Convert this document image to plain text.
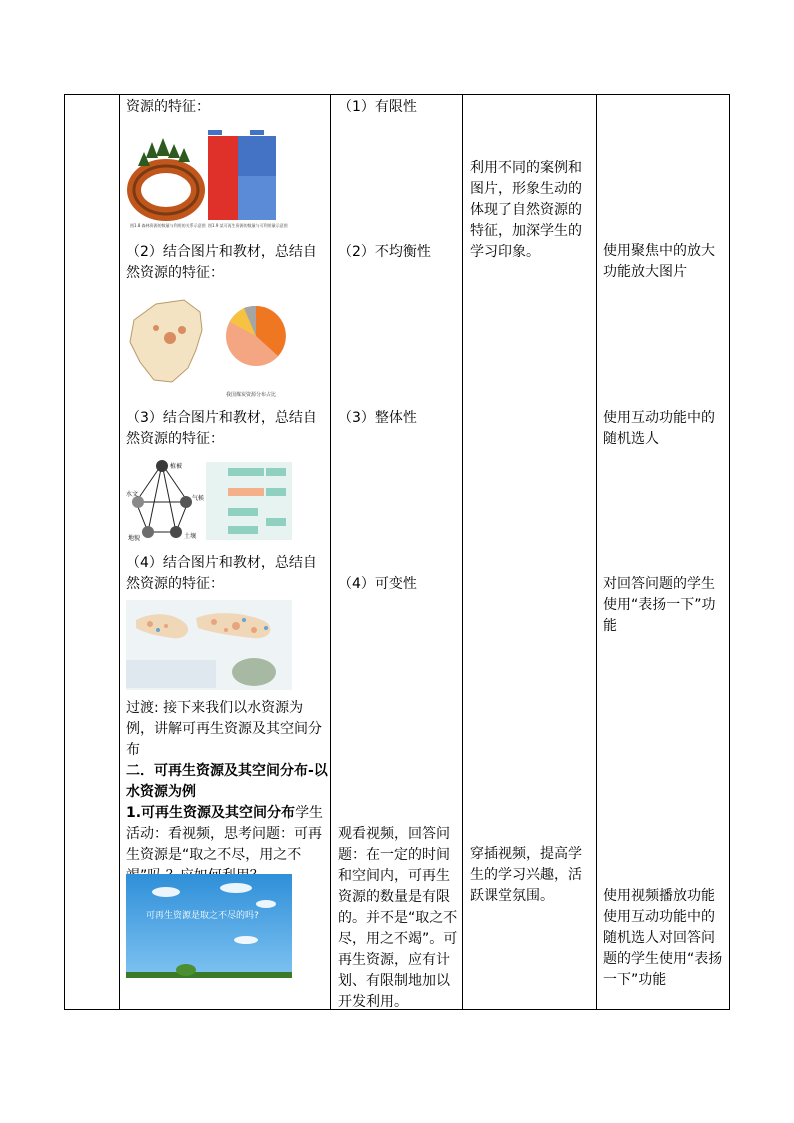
资源的特征：
图1.8 森林资源的数量与利用的关系示意图 图1.9 某可再生资源的数量与可利用量示意图
（2）结合图片和教材，总结自然资源的特征：
我国煤炭资源分布占比
（3）结合图片和教材，总结自然资源的特征：
植被
水文
气候
地貌	土壤
（4）结合图片和教材，总结自然资源的特征：
过渡: 接下来我们以水资源为例，讲解可再生资源及其空间分布
二．可再生资源及其空间分布-以水资源为例
1.可再生资源及其空间分布学生活动：看视频，思考问题：可再生资源是“取之不尽，用之不
可再生资源是取之不尽的吗?
（1）有限性
（2）不均衡性
（3）整体性
（4）可变性
观看视频，回答问题：在一定的时间和空间内，可再生资源的数量是有限的。并不是“取之不尽，用之不竭”。可再生资源，应有计划、有限制地加以开发利用。
利用不同的案例和图片，形象生动的体现了自然资源的特征，加深学生的学习印象。
穿插视频，提高学生的学习兴趣，活跃课堂氛围。
使用聚焦中的放大功能放大图片
使用互动功能中的随机选人
对回答问题的学生使用“表扬一下”功能
使用视频播放功能使用互动功能中的随机选人对回答问题的学生使用“表扬一下”功能
